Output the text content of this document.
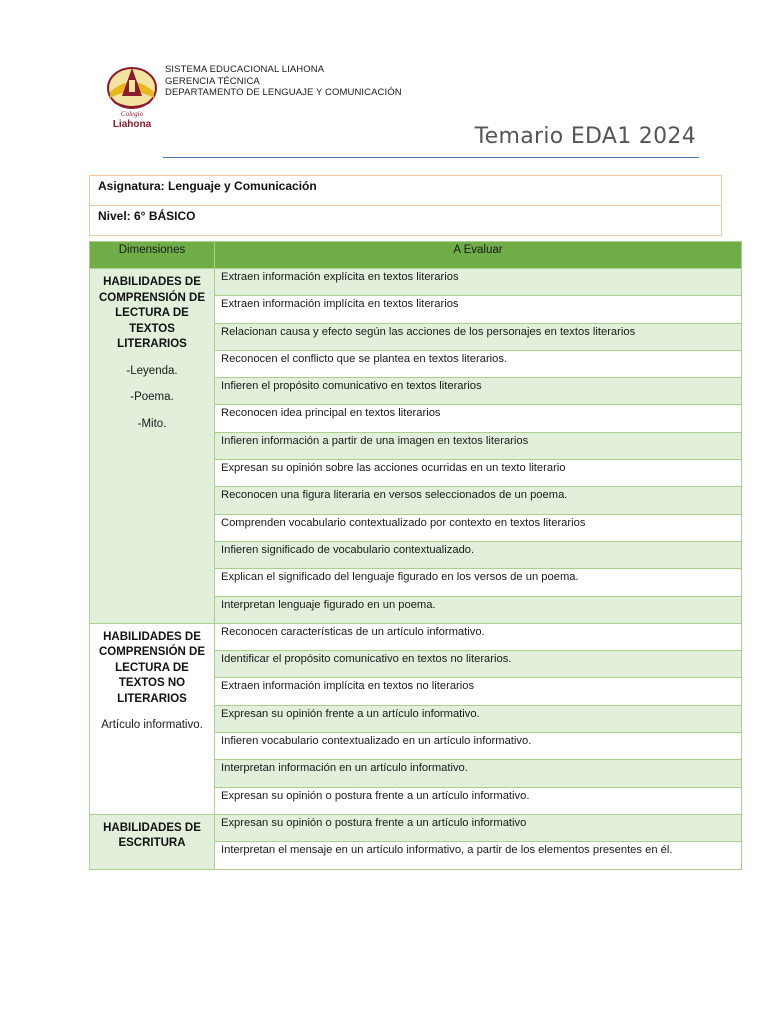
Colegio
Liahona
SISTEMA EDUCACIONAL LIAHONA
GERENCIA TÉCNICA
DEPARTAMENTO DE LENGUAJE Y COMUNICACIÓN
Temario EDA1 2024
Asignatura: Lenguaje y Comunicación
Nivel: 6° BÁSICO
Dimensiones	A Evaluar

HABILIDADES DE COMPRENSIÓN DE LECTURA DE TEXTOS LITERARIOS
-Leyenda.
-Poema.
-Mito.	Extraen información explícita en textos literarios
	Extraen información implícita en textos literarios
	Relacionan causa y efecto según las acciones de los personajes en textos literarios
	Reconocen el conflicto que se plantea en textos literarios.
	Infieren el propósito comunicativo en textos literarios
	Reconocen idea principal en textos literarios
	Infieren información a partir de una imagen en textos literarios
	Expresan su opinión sobre las acciones ocurridas en un texto literario
	Reconocen una figura literaria en versos seleccionados de un poema.
	Comprenden vocabulario contextualizado por contexto en textos literarios
	Infieren significado de vocabulario contextualizado.
	Explican el significado del lenguaje figurado en los versos de un poema.
	Interpretan lenguaje figurado en un poema.

HABILIDADES DE COMPRENSIÓN DE LECTURA DE TEXTOS NO LITERARIOS
Artículo informativo.	Reconocen características de un artículo informativo.
	Identificar el propósito comunicativo en textos no literarios.
	Extraen información implícita en textos no literarios
	Expresan su opinión frente a un artículo informativo.
	Infieren vocabulario contextualizado en un artículo informativo.
	Interpretan información en un artículo informativo.
	Expresan su opinión o postura frente a un artículo informativo.

HABILIDADES DE ESCRITURA	Expresan su opinión o postura frente a un artículo informativo
	Interpretan el mensaje en un artículo informativo, a partir de los elementos presentes en él.
